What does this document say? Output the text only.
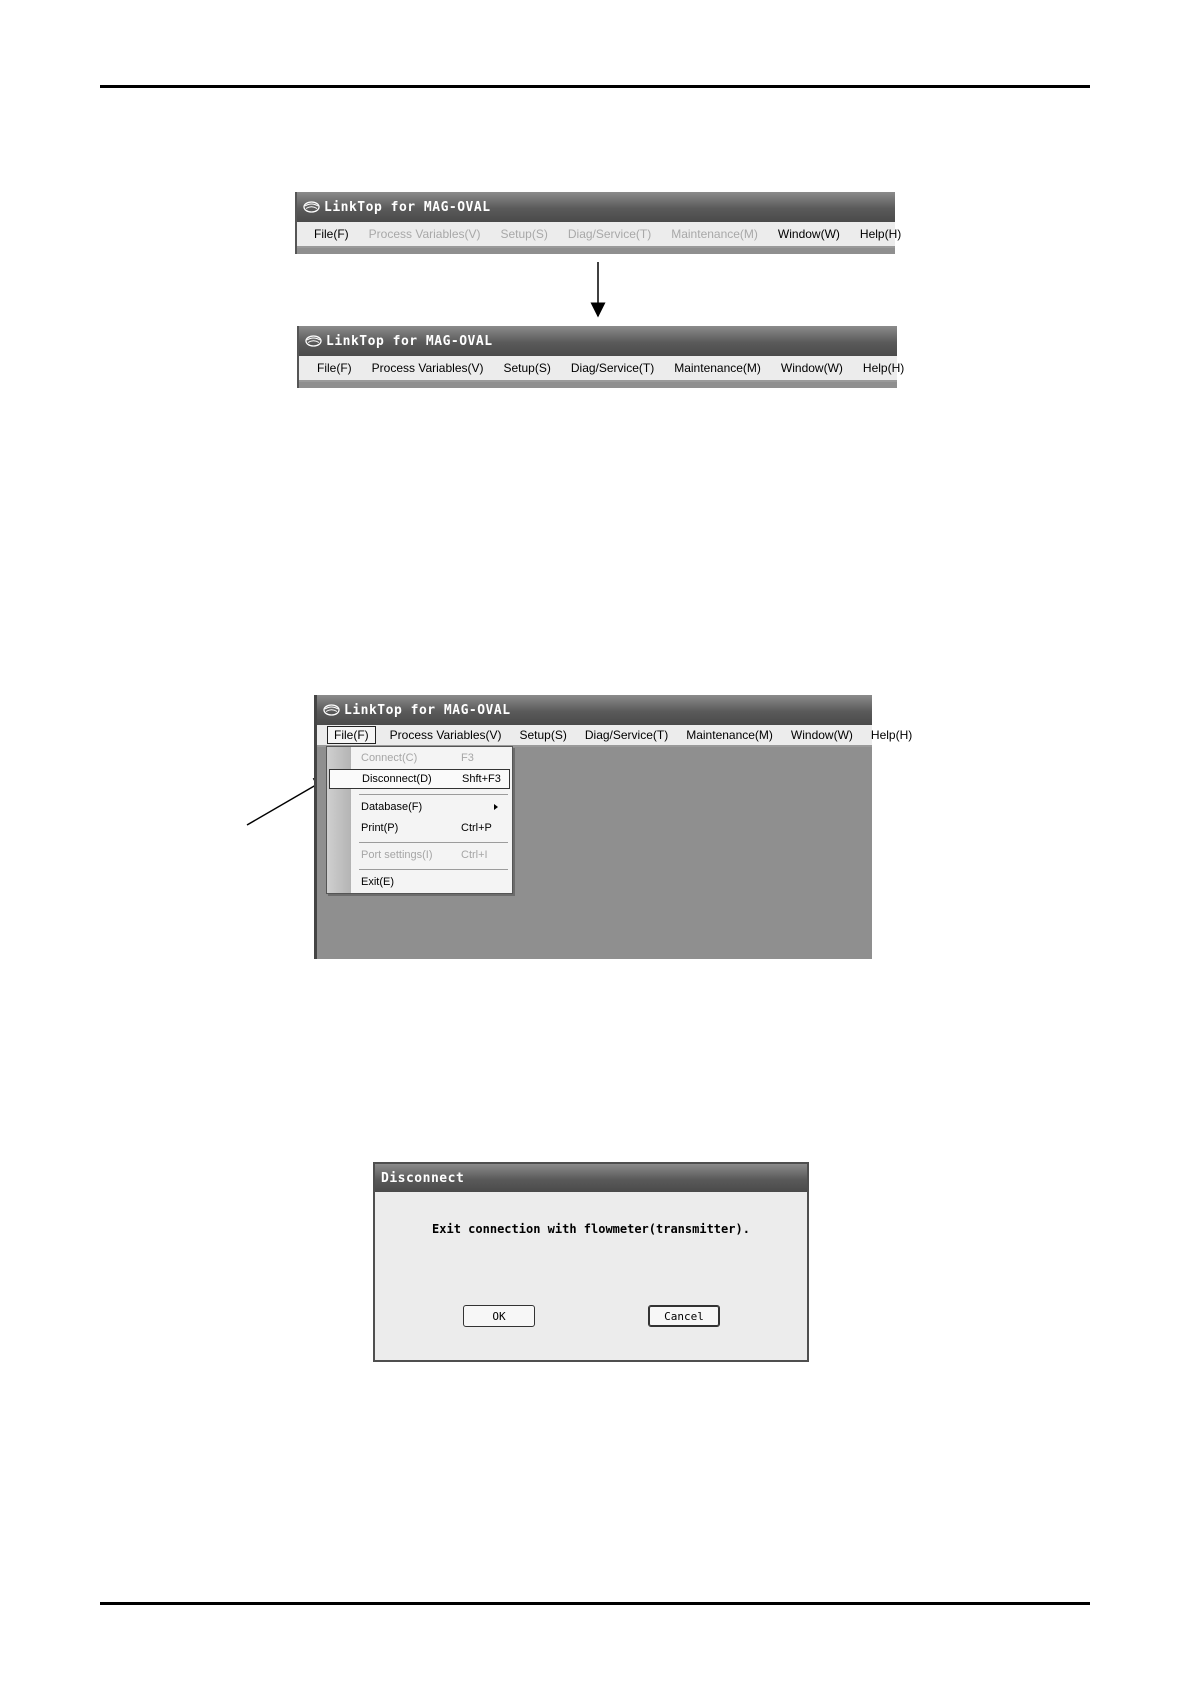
LinkTop for MAG-OVAL
File(F)	Process Variables(V)	Setup(S)	Diag/Service(T)	Maintenance(M)	Window(W)	Help(H)
LinkTop for MAG-OVAL
File(F)	Process Variables(V)	Setup(S)	Diag/Service(T)	Maintenance(M)	Window(W)	Help(H)
LinkTop for MAG-OVAL
File(F)	Process Variables(V)	Setup(S)	Diag/Service(T)	Maintenance(M)	Window(W)	Help(H)
Connect(C)	F3
Disconnect(D)	Shft+F3
Database(F)
Print(P)	Ctrl+P
Port settings(I)	Ctrl+I
Exit(E)
Disconnect
Exit connection with flowmeter(transmitter).
OK	Cancel
